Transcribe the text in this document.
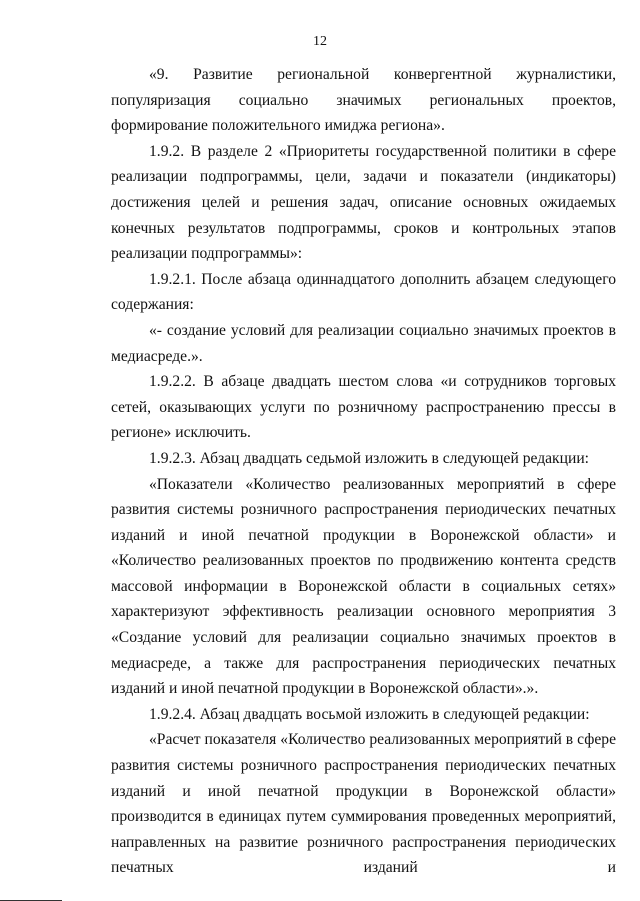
12

«9. Развитие региональной конвергентной журналистики, популяризация социально значимых региональных проектов, формирование положительного имиджа региона».

1.9.2. В разделе 2 «Приоритеты государственной политики в сфере реализации подпрограммы, цели, задачи и показатели (индикаторы) достижения целей и решения задач, описание основных ожидаемых конечных результатов подпрограммы, сроков и контрольных этапов реализации подпрограммы»:

1.9.2.1. После абзаца одиннадцатого дополнить абзацем следующего содержания:

«- создание условий для реализации социально значимых проектов в медиасреде.».

1.9.2.2. В абзаце двадцать шестом слова «и сотрудников торговых сетей, оказывающих услуги по розничному распространению прессы в регионе» исключить.

1.9.2.3. Абзац двадцать седьмой изложить в следующей редакции:

«Показатели «Количество реализованных мероприятий в сфере развития системы розничного распространения периодических печатных изданий и иной печатной продукции в Воронежской области» и «Количество реализованных проектов по продвижению контента средств массовой информации в Воронежской области в социальных сетях» характеризуют эффективность реализации основного мероприятия 3 «Создание условий для реализации социально значимых проектов в медиасреде, а также для распространения периодических печатных изданий и иной печатной продукции в Воронежской области».».

1.9.2.4. Абзац двадцать восьмой изложить в следующей редакции:

«Расчет показателя «Количество реализованных мероприятий в сфере развития системы розничного распространения периодических печатных изданий и иной печатной продукции в Воронежской области» производится в единицах путем суммирования проведенных мероприятий, направленных на развитие розничного распространения периодических печатных изданий и
